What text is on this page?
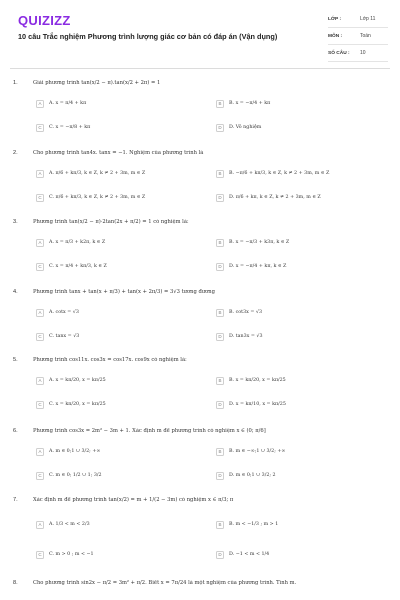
QUIZIZZ
10 câu Trắc nghiệm Phương trình lượng giác cơ bản có đáp án (Vận dụng)
LỚP :	Lớp 11
MÔN :	Toán
SỐ CÂU :	10
1.	Giải phương trình tan(x/2 − π).tan(x/2 + 2π) = 1
A	A. x = π/4 + kπ	B	B. x = −π/4 + kπ
C	C. x = −π/8 + kπ	D	D. Vô nghiệm
2.	Cho phương trình tan4x. tanx = −1. Nghiệm của phương trình là
A	A. π/6 + kπ/3, k ∈ Z, k ≠ 2 + 3m, m ∈ Z	B	B. −π/6 + kπ/3, k ∈ Z, k ≠ 2 + 3m, m ∈ Z
C	C. π/6 + kπ/3, k ∈ Z, k ≠ 2 + 3m, m ∈ Z	D	D. π/6 + kπ, k ∈ Z, k ≠ 2 + 3m, m ∈ Z
3.	Phương trình tan(x/2 − π)·2tan(2x + π/2) = 1 có nghiệm là:
A	A. x = π/3 + k2π, k ∈ Z	B	B. x = −π/3 + k3π, k ∈ Z
C	C. x = π/4 + kπ/3, k ∈ Z	D	D. x = −π/4 + kπ, k ∈ Z
4.	Phương trình tanx + tan(x + π/3) + tan(x + 2π/3) = 3√3 tương đương
A	A. cotx = √3	B	B. cot3x = √3
C	C. tanx = √3	D	D. tan3x = √3
5.	Phương trình cos11x. cos3x = cos17x. cos9x có nghiệm là:
A	A. x = kπ/20, x = kπ/25	B	B. x = kπ/20, x = kπ/25
C	C. x = kπ/20, x = kπ/25	D	D. x = kπ/10, x = kπ/25
6.	Phương trình cos3x = 2m² − 3m + 1. Xác định m để phương trình có nghiệm x ∈ (0; π/6]
A	A. m ∈ 0;1 ∪ 3/2; +∞	B	B. m ∈ −∞;1 ∪ 3/2; +∞
C	C. m ∈ 0; 1/2 ∪ 1; 3/2	D	D. m ∈ 0;1 ∪ 3/2; 2
7.	Xác định m để phương trình tan(x/2) = m + 1/(2 − 3m) có nghiệm x ∈ π/3; π
A	A. 1/3 < m < 2/3	B	B. m < −1/3 ; m > 1
C	C. m > 0 ; m < −1	D	D. −1 < m < 1/4
8.	Cho phương trình sin2x − π/2 = 3m² + π/2. Biết x = 7π/24 là một nghiệm của phương trình. Tính m.
